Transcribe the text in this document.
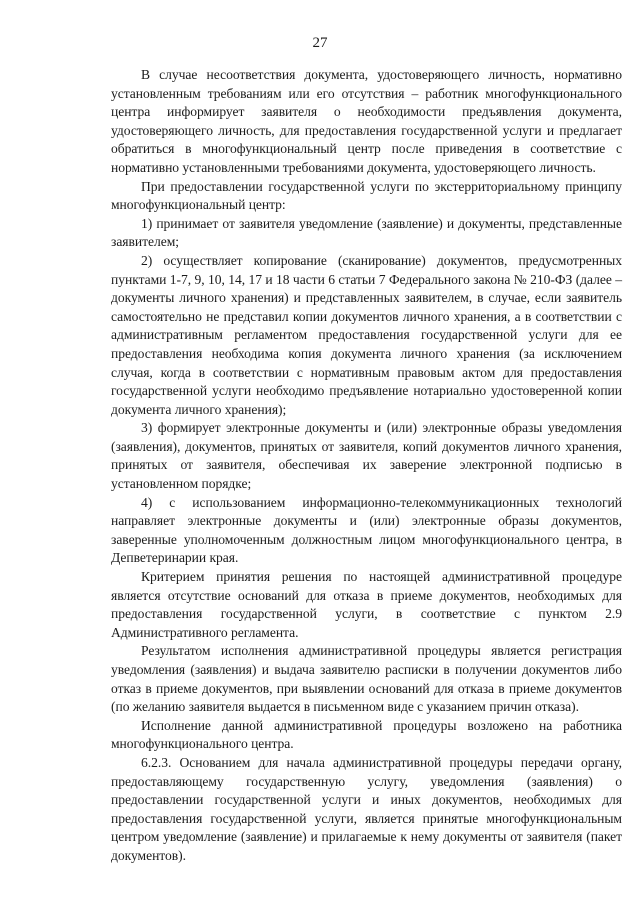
27

В случае несоответствия документа, удостоверяющего личность, нормативно установленным требованиям или его отсутствия – работник многофункционального центра информирует заявителя о необходимости предъявления документа, удостоверяющего личность, для предоставления государственной услуги и предлагает обратиться в многофункциональный центр после приведения в соответствие с нормативно установленными требованиями документа, удостоверяющего личность.

При предоставлении государственной услуги по экстерриториальному принципу многофункциональный центр:

1) принимает от заявителя уведомление (заявление) и документы, представленные заявителем;

2) осуществляет копирование (сканирование) документов, предусмотренных пунктами 1-7, 9, 10, 14, 17 и 18 части 6 статьи 7 Федерального закона № 210-ФЗ (далее – документы личного хранения) и представленных заявителем, в случае, если заявитель самостоятельно не представил копии документов личного хранения, а в соответствии с административным регламентом предоставления государственной услуги для ее предоставления необходима копия документа личного хранения (за исключением случая, когда в соответствии с нормативным правовым актом для предоставления государственной услуги необходимо предъявление нотариально удостоверенной копии документа личного хранения);

3) формирует электронные документы и (или) электронные образы уведомления (заявления), документов, принятых от заявителя, копий документов личного хранения, принятых от заявителя, обеспечивая их заверение электронной подписью в установленном порядке;

4) с использованием информационно-телекоммуникационных технологий направляет электронные документы и (или) электронные образы документов, заверенные уполномоченным должностным лицом многофункционального центра, в Депветеринарии края.

Критерием принятия решения по настоящей административной процедуре является отсутствие оснований для отказа в приеме документов, необходимых для предоставления государственной услуги, в соответствие с пунктом 2.9 Административного регламента.

Результатом исполнения административной процедуры является регистрация уведомления (заявления) и выдача заявителю расписки в получении документов либо отказ в приеме документов, при выявлении оснований для отказа в приеме документов (по желанию заявителя выдается в письменном виде с указанием причин отказа).

Исполнение данной административной процедуры возложено на работника многофункционального центра.

6.2.3. Основанием для начала административной процедуры передачи органу, предоставляющему государственную услугу, уведомления (заявления) о предоставлении государственной услуги и иных документов, необходимых для предоставления государственной услуги, является принятые многофункциональным центром уведомление (заявление) и прилагаемые к нему документы от заявителя (пакет документов).
